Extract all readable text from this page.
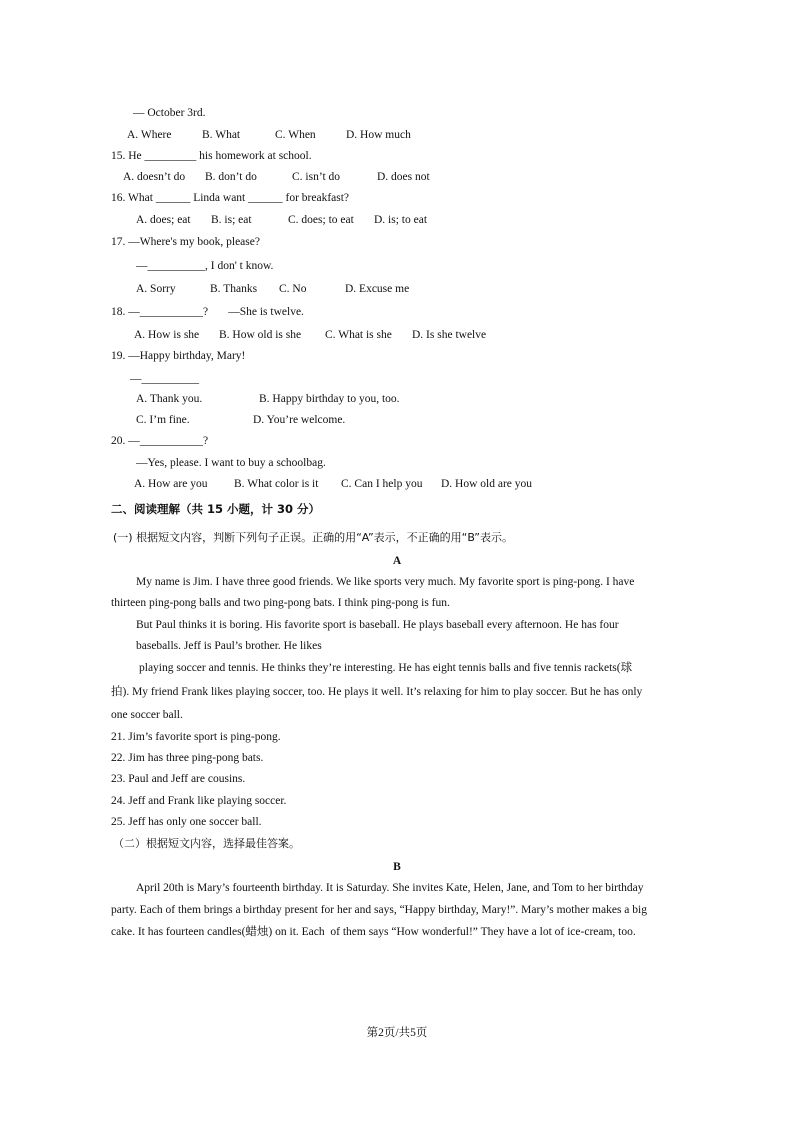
— October 3rd.
A. Where	B. What	C. When	D. How much
15. He _________ his homework at school.
A. doesn’t do B. don’t do	C. isn’t do	D. does not
16. What ______ Linda want ______ for breakfast?
A. does; eat B. is; eat	C. does; to eat D. is; to eat
17. —Where's my book, please?
—__________, I don' t know.
A. Sorry	B. Thanks C. No	D. Excuse me
18. —___________?       —She is twelve.
A. How is she B. How old is she C. What is she D. Is she twelve
19. —Happy birthday, Mary!
—__________
A. Thank you.	B. Happy birthday to you, too.
C. I’m fine.	D. You’re welcome.
20. —___________?
—Yes, please. I want to buy a schoolbag.
A. How are you B. What color is it C. Can I help you D. How old are you
二、阅读理解（共 15 小题，计 30 分）
(一) 根据短文内容，判断下列句子正误。正确的用“A”表示，不正确的用“B”表示。
A
My name is Jim. I have three good friends. We like sports very much. My favorite sport is ping-pong. I have
thirteen ping-pong balls and two ping-pong bats. I think ping-pong is fun.
But Paul thinks it is boring. His favorite sport is baseball. He plays baseball every afternoon. He has four
baseballs. Jeff is Paul’s brother. He likes
playing soccer and tennis. He thinks they’re interesting. He has eight tennis balls and five tennis rackets(球
拍). My friend Frank likes playing soccer, too. He plays it well. It’s relaxing for him to play soccer. But he has only
one soccer ball.
21. Jim’s favorite sport is ping-pong.
22. Jim has three ping-pong bats.
23. Paul and Jeff are cousins.
24. Jeff and Frank like playing soccer.
25. Jeff has only one soccer ball.
（二）根据短文内容，选择最佳答案。
B
April 20th is Mary’s fourteenth birthday. It is Saturday. She invites Kate, Helen, Jane, and Tom to her birthday
party. Each of them brings a birthday present for her and says, “Happy birthday, Mary!”. Mary’s mother makes a big
cake. It has fourteen candles(蜡烛) on it. Each  of them says “How wonderful!” They have a lot of ice-cream, too.
第2页/共5页
